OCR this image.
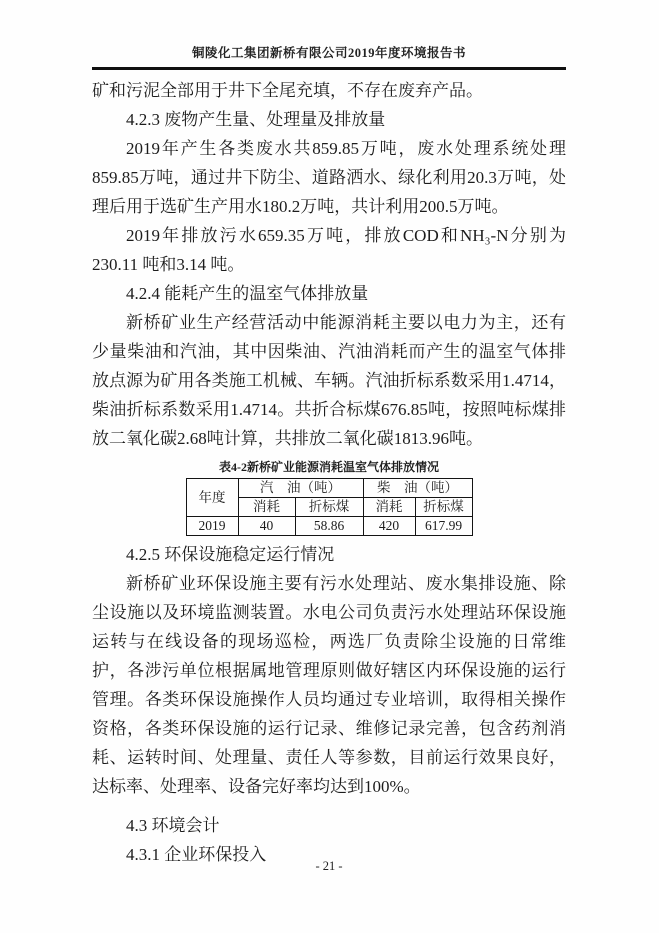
铜陵化工集团新桥有限公司2019年度环境报告书

矿和污泥全部用于井下全尾充填，不存在废弃产品。

4.2.3 废物产生量、处理量及排放量

2019年产生各类废水共859.85万吨，废水处理系统处理859.85万吨，通过井下防尘、道路洒水、绿化利用20.3万吨，处理后用于选矿生产用水180.2万吨，共计利用200.5万吨。

2019年排放污水659.35万吨，排放COD和NH₃-N分别为230.11 吨和3.14 吨。

4.2.4 能耗产生的温室气体排放量

新桥矿业生产经营活动中能源消耗主要以电力为主，还有少量柴油和汽油，其中因柴油、汽油消耗而产生的温室气体排放点源为矿用各类施工机械、车辆。汽油折标系数采用1.4714，柴油折标系数采用1.4714。共折合标煤676.85吨，按照吨标煤排放二氧化碳2.68吨计算，共排放二氧化碳1813.96吨。

表4-2新桥矿业能源消耗温室气体排放情况
年度	汽　油（吨）		柴　油（吨）	
	消耗	折标煤	消耗	折标煤
2019	40	58.86	420	617.99
4.2.5 环保设施稳定运行情况

新桥矿业环保设施主要有污水处理站、废水集排设施、除尘设施以及环境监测装置。水电公司负责污水处理站环保设施运转与在线设备的现场巡检，两选厂负责除尘设施的日常维护，各涉污单位根据属地管理原则做好辖区内环保设施的运行管理。各类环保设施操作人员均通过专业培训，取得相关操作资格，各类环保设施的运行记录、维修记录完善，包含药剂消耗、运转时间、处理量、责任人等参数，目前运行效果良好，达标率、处理率、设备完好率均达到100%。

4.3 环境会计
4.3.1 企业环保投入
- 21 -
